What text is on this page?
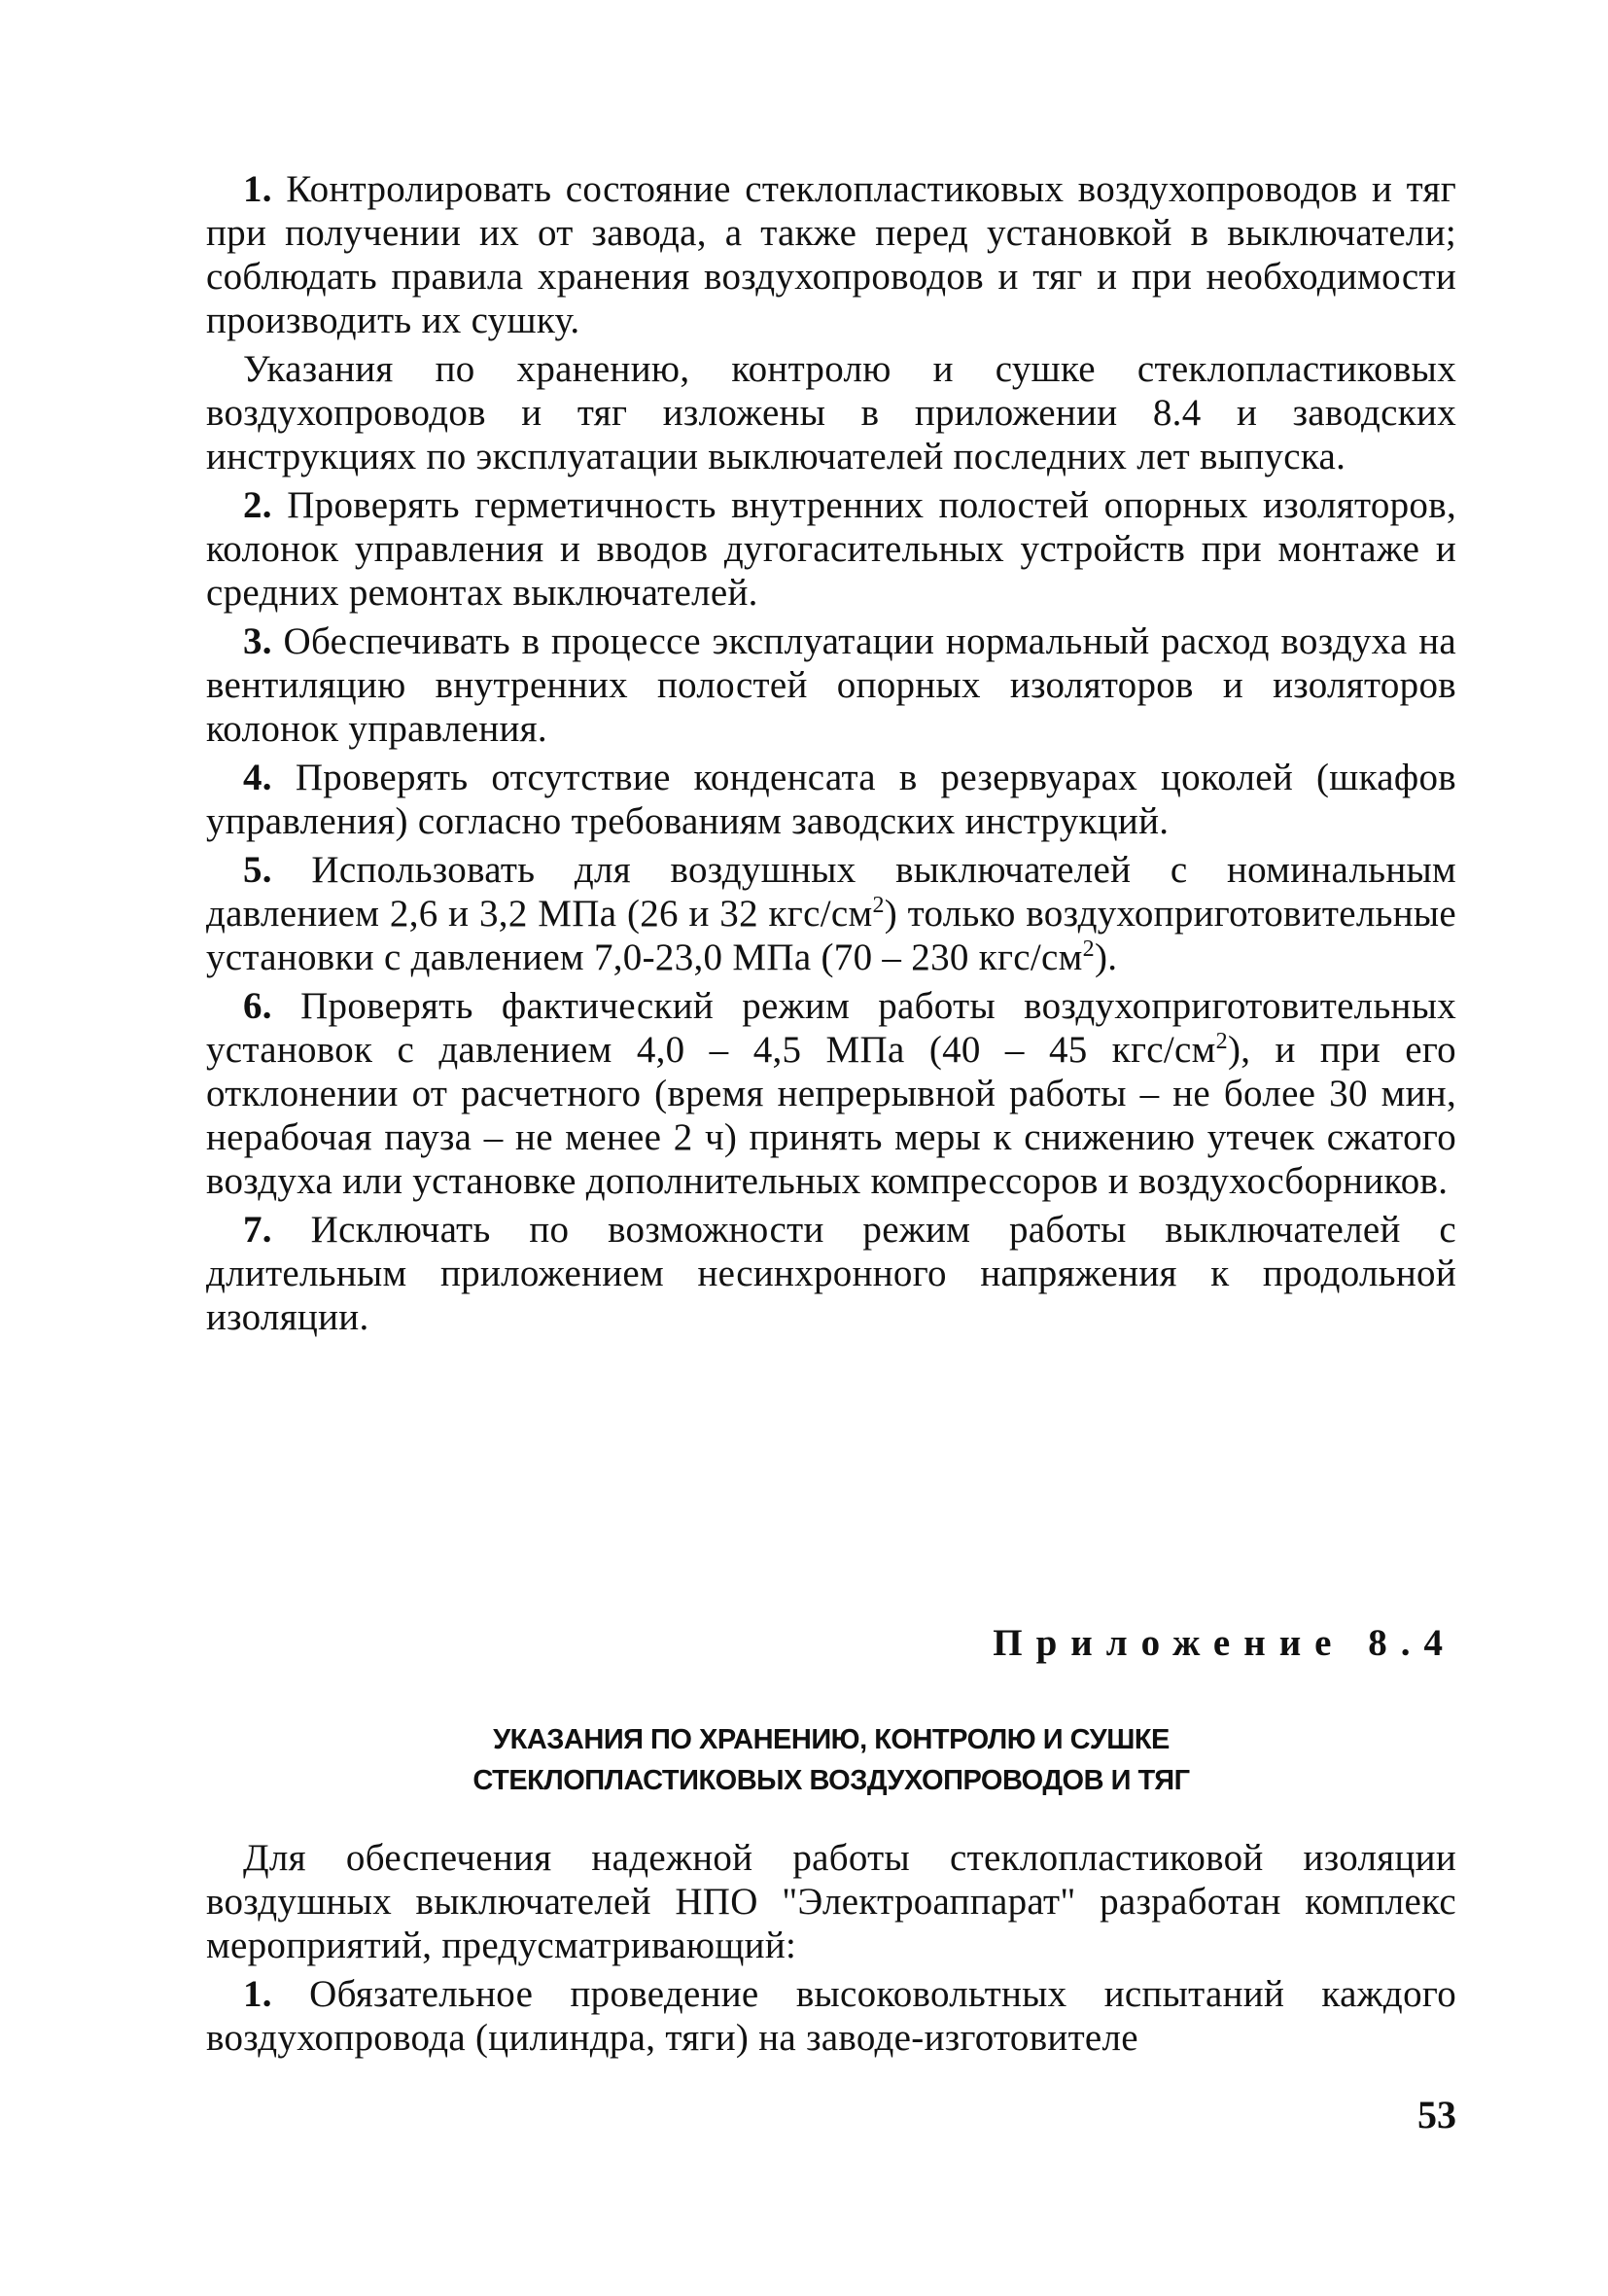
1. Контролировать состояние стеклопластиковых воздухопроводов и тяг при получении их от завода, а также перед установкой в выключатели; соблюдать правила хранения воздухопроводов и тяг и при необходимости производить их сушку.

Указания по хранению, контролю и сушке стеклопластиковых воздухопроводов и тяг изложены в приложении 8.4 и заводских инструкциях по эксплуатации выключателей последних лет выпуска.

2. Проверять герметичность внутренних полостей опорных изоляторов, колонок управления и вводов дугогасительных устройств при монтаже и средних ремонтах выключателей.

3. Обеспечивать в процессе эксплуатации нормальный расход воздуха на вентиляцию внутренних полостей опорных изоляторов и изоляторов колонок управления.

4. Проверять отсутствие конденсата в резервуарах цоколей (шкафов управления) согласно требованиям заводских инструкций.

5. Использовать для воздушных выключателей с номинальным давлением 2,6 и 3,2 МПа (26 и 32 кгс/$см^2$) только воздухоприготовительные установки с давлением 7,0-23,0 МПа (70 – 230 кгс/$см^2$).

6. Проверять фактический режим работы воздухоприготовительных установок с давлением 4,0 – 4,5 МПа (40 – 45 кгс/$см^2$), и при его отклонении от расчетного (время непрерывной работы – не более 30 мин, нерабочая пауза – не менее 2 ч) принять меры к снижению утечек сжатого воздуха или установке дополнительных компрессоров и воздухосборников.

7. Исключать по возможности режим работы выключателей с длительным приложением несинхронного напряжения к продольной изоляции.

Приложение 8.4
УКАЗАНИЯ ПО ХРАНЕНИЮ, КОНТРОЛЮ И СУШКЕ
СТЕКЛОПЛАСТИКОВЫХ ВОЗДУХОПРОВОДОВ И ТЯГ

Для обеспечения надежной работы стеклопластиковой изоляции воздушных выключателей НПО "Электроаппарат" разработан комплекс мероприятий, предусматривающий:

1. Обязательное проведение высоковольтных испытаний каждого воздухопровода (цилиндра, тяги) на заводе-изготовителе

53
